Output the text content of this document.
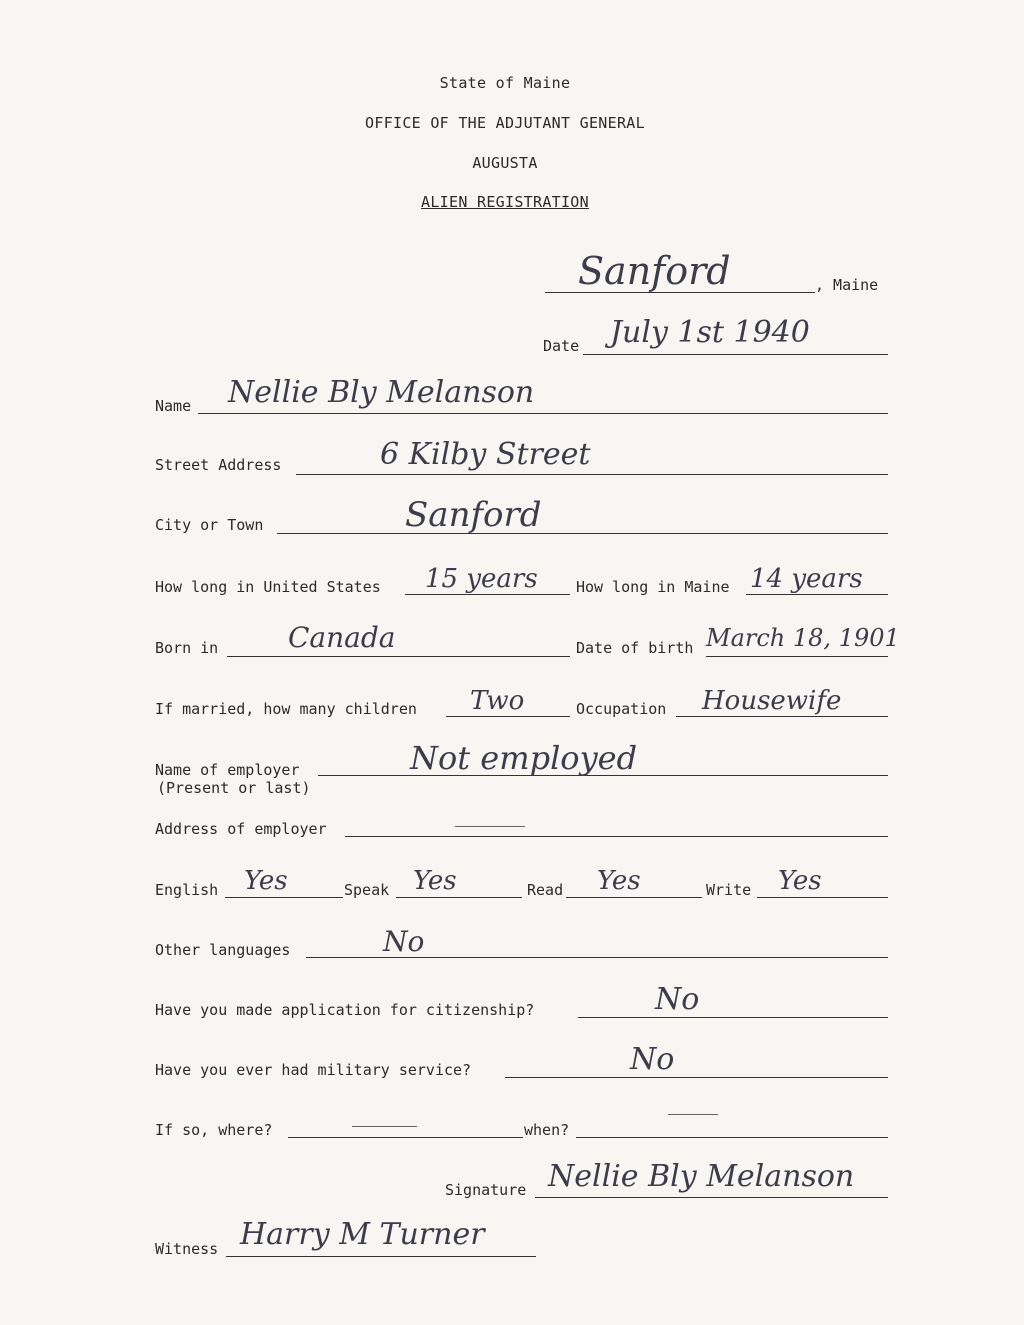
State of Maine
OFFICE OF THE ADJUTANT GENERAL
AUGUSTA
ALIEN REGISTRATION
Sanford	, Maine
Date July 1st 1940
Name Nellie Bly Melanson
Street Address	6 Kilby Street
City or Town	Sanford
How long in United States 15 years	How long in Maine 14 years
Born in Canada	Date of birth March 18, 1901
If married, how many children Two	Occupation Housewife
Name of employer
(Present or last)
Not employed
Address of employer
English Yes	Speak Yes	Read Yes	Write Yes
Other languages	No
Have you made application for citizenship?	No
Have you ever had military service?	No
If so, where?	when?
Signature Nellie Bly Melanson
Witness Harry M Turner
